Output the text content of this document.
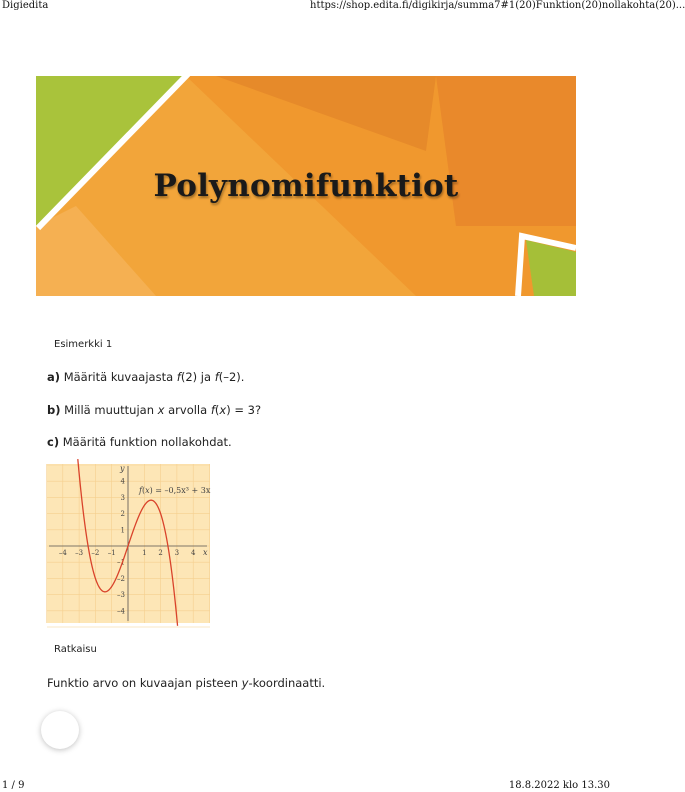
Digiedita	https://shop.edita.fi/digikirja/summa7#1(20)Funktion(20)nollakohta(20)...
Polynomifunktiot
Esimerkki 1
a) Määritä kuvaajasta f(2) ja f(–2).
b) Millä muuttujan x arvolla f(x) = 3?
c) Määritä funktion nollakohdat.
–4 –3 –2 –1	1 2 3 4
4
3
2
1
–1
–2
–3
–4
x
y
f(x) = –0,5x³ + 3x
Ratkaisu
Funktio arvo on kuvaajan pisteen y-koordinaatti.
1 / 9	18.8.2022 klo 13.30
